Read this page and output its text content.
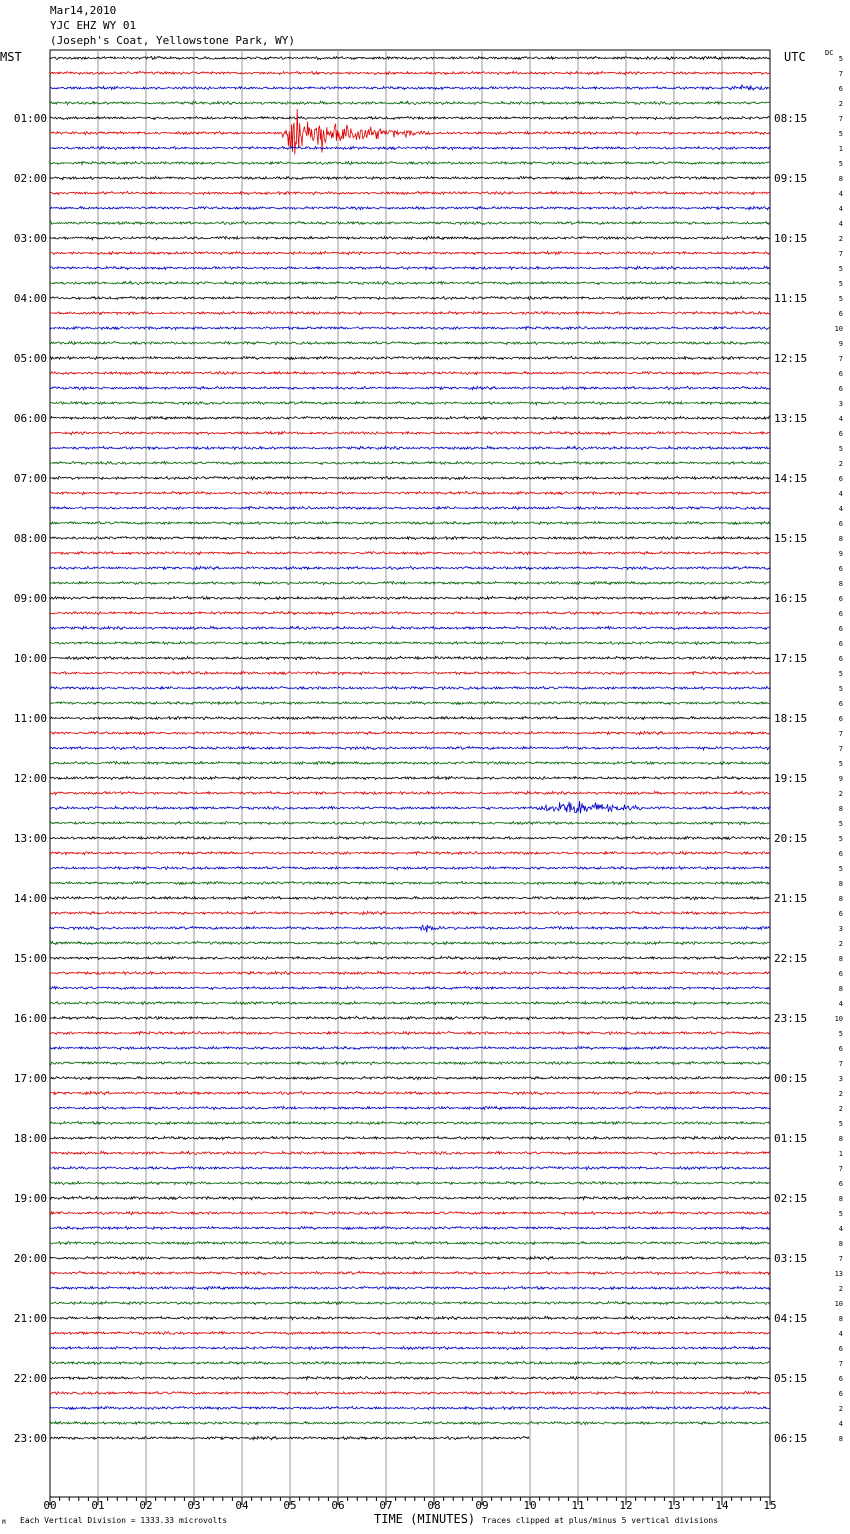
00	01	02	03	04	05	06	07	08	09	10	11	12	13	14	15
5
7
6
2
7
5
1
5
8
4
4
4
2
7
5
5
5
6
10
9
7
6
6
3
4
6
5
2
6
4
4
6
8
9
6
8
6
6
6
6
6
5
5
6
6
7
7
5
9
2
8
5
5
6
5
8
8
6
3
2
8
6
8
4
10
5
6
7
3
2
2
5
8
1
7
6
8
5
4
8
7
13
2
10
8
4
6
7
6
6
2
4
8
01:00
02:00
03:00
04:00
05:00
06:00
07:00
08:00
09:00
10:00
11:00
12:00
13:00
14:00
15:00
16:00
17:00
18:00
19:00
20:00
21:00
22:00
23:00
08:15
09:15
10:15
11:15
12:15
13:15
14:15
15:15
16:15
17:15
18:15
19:15
20:15
21:15
22:15
23:15
00:15
01:15
02:15
03:15
04:15
05:15
06:15
Mar14,2010
YJC EHZ WY 01
(Joseph's Coat, Yellowstone Park, WY)
MST	UTC	DC
Each Vertical Division = 1333.33 microvolts	TIME (MINUTES) Traces clipped at plus/minus 5 vertical divisions
M
